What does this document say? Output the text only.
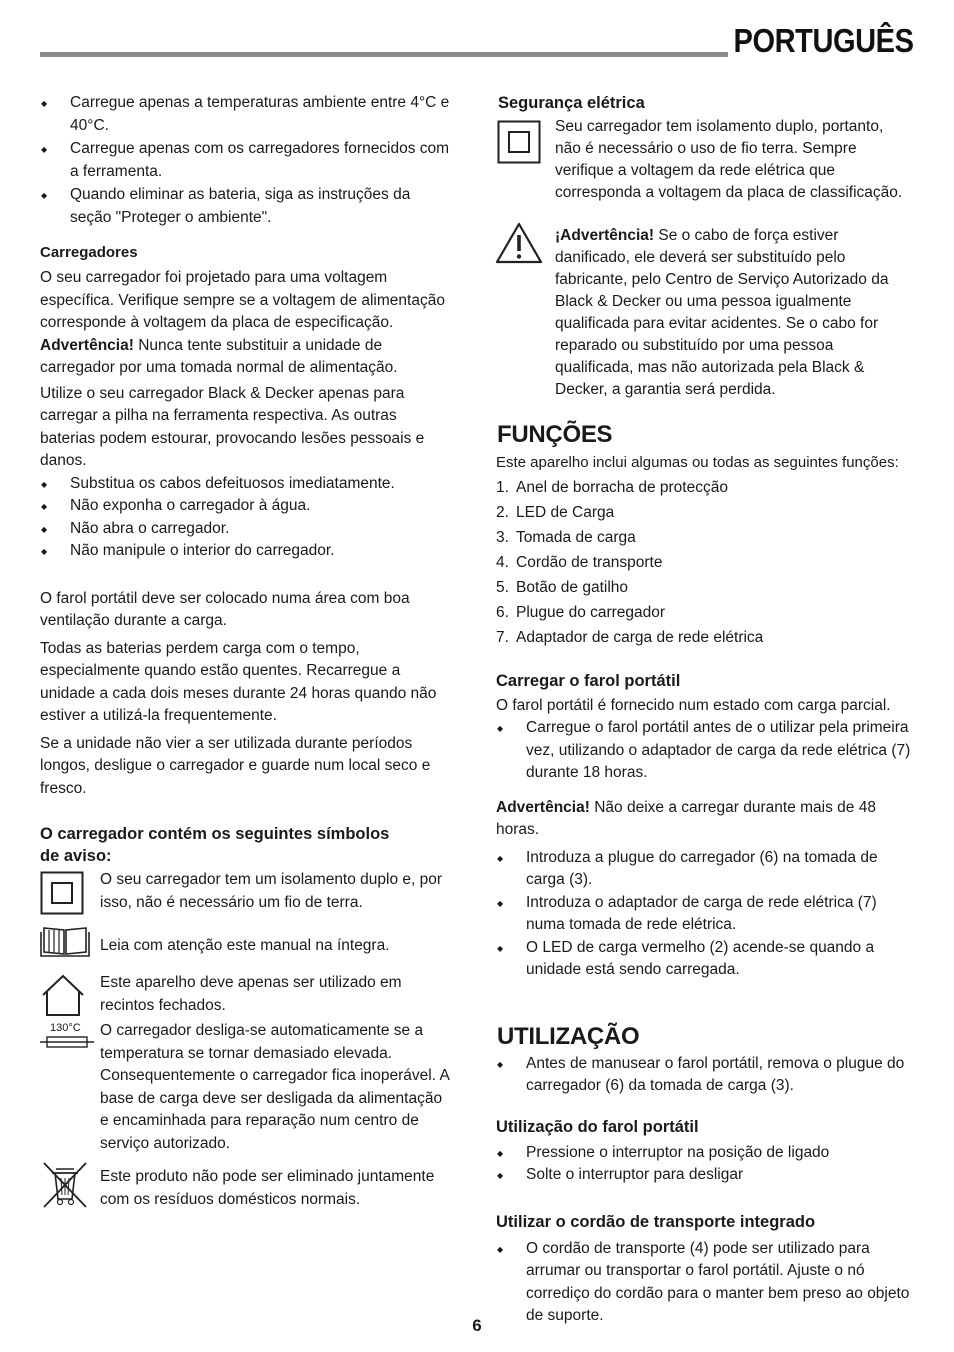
PORTUGUÊS
◆ Carregue apenas a temperaturas ambiente entre 4°C e 40°C.
◆ Carregue apenas com os carregadores fornecidos com a ferramenta.
◆ Quando eliminar as bateria, siga as instruções da seção "Proteger o ambiente".
Carregadores

O seu carregador foi projetado para uma voltagem específica. Verifique sempre se a voltagem de alimentação corresponde à voltagem da placa de especificação.

Advertência! Nunca tente substituir a unidade de carregador por uma tomada normal de alimentação.

Utilize o seu carregador Black & Decker apenas para carregar a pilha na ferramenta respectiva. As outras baterias podem estourar, provocando lesões pessoais e danos.

◆ Substitua os cabos defeituosos imediatamente.
◆ Não exponha o carregador à água.
◆ Não abra o carregador.
◆ Não manipule o interior do carregador.

O farol portátil deve ser colocado numa área com boa ventilação durante a carga.

Todas as baterias perdem carga com o tempo, especialmente quando estão quentes. Recarregue a unidade a cada dois meses durante 24 horas quando não estiver a utilizá-la frequentemente.

Se a unidade não vier a ser utilizada durante períodos longos, desligue o carregador e guarde num local seco e fresco.

O carregador contém os seguintes símbolos de aviso:
O seu carregador tem um isolamento duplo e, por isso, não é necessário um fio de terra.
Leia com atenção este manual na íntegra.
Este aparelho deve apenas ser utilizado em recintos fechados.
130°C	O carregador desliga-se automaticamente se a temperatura se tornar demasiado elevada. Consequentemente o carregador fica inoperável. A base de carga deve ser desligada da alimentação e encaminhada para reparação num centro de serviço autorizado.
Este produto não pode ser eliminado juntamente com os resíduos domésticos normais.
Segurança elétrica
Seu carregador tem isolamento duplo, portanto, não é necessário o uso de fio terra. Sempre verifique a voltagem da rede elétrica que corresponda a voltagem da placa de classificação.
¡Advertência! Se o cabo de força estiver danificado, ele deverá ser substituído pelo fabricante, pelo Centro de Serviço Autorizado da Black & Decker ou uma pessoa igualmente qualificada para evitar acidentes. Se o cabo for reparado ou substituído por uma pessoa qualificada, mas não autorizada pela Black & Decker, a garantia será perdida.
FUNÇÕES

Este aparelho inclui algumas ou todas as seguintes funções:

1. Anel de borracha de protecção
2. LED de Carga
3. Tomada de carga
4. Cordão de transporte
5. Botão de gatilho
6. Plugue do carregador
7. Adaptador de carga de rede elétrica
Carregar o farol portátil

O farol portátil é fornecido num estado com carga parcial.

◆ Carregue o farol portátil antes de o utilizar pela primeira vez, utilizando o adaptador de carga da rede elétrica (7) durante 18 horas.

Advertência! Não deixe a carregar durante mais de 48 horas.

◆ Introduza a plugue do carregador (6) na tomada de carga (3).
◆ Introduza o adaptador de carga de rede elétrica (7) numa tomada de rede elétrica.
◆ O LED de carga vermelho (2) acende-se quando a unidade está sendo carregada.
UTILIZAÇÃO
◆ Antes de manusear o farol portátil, remova o plugue do carregador (6) da tomada de carga (3).
Utilização do farol portátil
◆ Pressione o interruptor na posição de ligado
◆ Solte o interruptor para desligar
Utilizar o cordão de transporte integrado
◆ O cordão de transporte (4) pode ser utilizado para arrumar ou transportar o farol portátil. Ajuste o nó corrediço do cordão para o manter bem preso ao objeto de suporte.
6
